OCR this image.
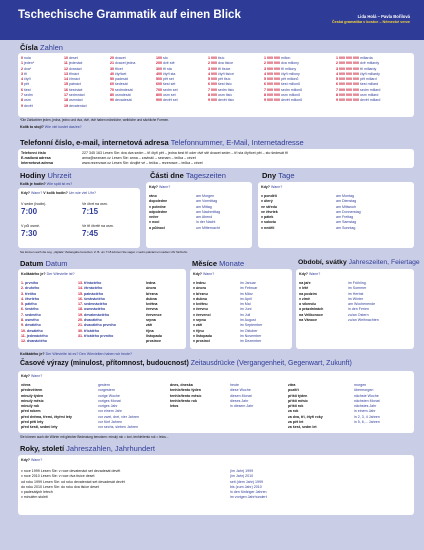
Tschechische Grammatik auf einen Blick	Lida Holá – Pavla Bořilová
Česká gramatika v kostce – Německé verze
Čísla Zahlen
0 nula
1 jeden*
2 dva*
3 tři
4 čtyři
5 pět
6 šest
7 sedm
8 osm
9 devět
10 deset
11 jedenáct
12 dvanáct
13 třináct
14 čtrnáct
15 patnáct
16 šestnáct
17 sedmnáct
18 osmnáct
19 devatenáct
20 dvacet
21 dvacet jedna
30 třicet
40 čtyřicet
50 padesát
60 šedesát
70 sedmdesát
80 osmdesát
90 devadesát
100 sto
200 dvě stě
300 tři sta
400 čtyři sta
500 pět set
600 šest set
700 sedm set
800 osm set
900 devět set
1 000 tisíc
2 000 dva tisíce
3 000 tři tisíce
4 000 čtyři tisíce
5 000 pět tisíc
6 000 šest tisíc
7 000 sedm tisíc
8 000 osm tisíc
9 000 devět tisíc
1 000 000 milion
2 000 000 dva miliony
3 000 000 tři miliony
4 000 000 čtyři miliony
5 000 000 pět milionů
6 000 000 šest milionů
7 000 000 sedm milionů
8 000 000 osm milionů
9 000 000 devět milionů
1 000 000 000 miliarda
2 000 000 000 dvě miliardy
3 000 000 000 tři miliardy
4 000 000 000 čtyři miliardy
5 000 000 000 pět miliard
6 000 000 000 šest miliard
7 000 000 000 sedm miliard
8 000 000 000 osm miliard
9 000 000 000 devět miliard
*Die Zahlwörter jeden, jedna, jedno und dva, dvě, dvě haben männliche, weibliche und sächliche Formen.
Kolik to stojí? Wie viel kostet das/es?
Telefonní číslo, e-mail, internetová adresa Telefonnummer, E-Mail, Internetadresse
Telefonní číslo
E-mailová adresa
Internetová adresa
227 345 163 Lesen Sie: dva dva sedm – tři čtyři pět – jedna šest tři oder dvě stě dvacet sedm – tři sta čtyřicet pět – sto šedesát tři
anna@seznam.cz Lesen Sie: anna – zavináč – seznam – tečka – cézet
www.rezervace.cz Lesen Sie: dvojité vé – tečka – rezervace – tečka – cézet
Hodiny Uhrzeit
Kolik je hodin? Wie spät ist es?
Kdy? Wann? V kolik hodin? Um wie viel Uhr?
V sedm (hodin).
7:00
Ve čtvrt na osm.
7:15
V půl osmé.
7:30
Ve tři čtvrtě na osm.
7:45
Sie können auch die sog. „digitale" Zeitangabe benutzen: Z. B. um 7:15 können Sie sagen v sedm patnáct um sieben Uhr fünfzehn.
Části dne Tageszeiten
Kdy? Wann?
ráno
dopoledne
v poledne
odpoledne
večer
v noci
o půlnoci
am Morgen
am Vormittag
am Mittag
am Nachmittag
am Abend
in der Nacht
um Mitternacht
Dny Tage
Kdy? Wann?
v pondělí
v úterý
ve středu
ve čtvrtek
v pátek
v sobotu
v neděli
am Montag
am Dienstag
am Mittwoch
am Donnerstag
am Freitag
am Samstag
am Sonntag
Datum Datum
Kolikátého je? Der Wievielte ist?
1. prvního
2. druhého
3. třetího
4. čtvrtého
5. pátého
6. šestého
7. sedmého
8. osmého
9. devátého
10. desátého
11. jedenáctého
12. dvanáctého
13. třináctého
14. čtrnáctého
15. patnáctého
16. šestnáctého
17. sedmnáctého
18. osmnáctého
19. devatenáctého
20. dvacátého
21. dvacátého prvního
30. třicátého
31. třicátého prvního
ledna
února
března
dubna
května
června
července
srpna
září
října
listopadu
prosince
Měsíce Monate
Kdy? Wann?
v lednu
v únoru
v březnu
v dubnu
v květnu
v červnu
v červenci
v srpnu
v září
v říjnu
v listopadu
v prosinci
im Januar
im Februar
im März
im April
im Mai
im Juni
im Juli
im August
im September
im Oktober
im November
im Dezember
Období, svátky Jahreszeiten, Feiertage
Kdy? Wann?
na jaře
v létě
na podzim
v zimě
o víkendu
o prázdninách
na Velikonoce
na Vánoce
im Frühling
im Sommer
im Herbst
im Winter
am Wochenende
in den Ferien
zu/an Ostern
zu/an Weihnachten
Kolikátého je? Der Wievielte ist es? Den Wievielten haben wir heute?
Časové výrazy (minulost, přítomnost, budoucnost) Zeitausdrücke (Vergangenheit, Gegenwart, Zukunft)
Kdy? Wann?
včera
předevčírem
minulý týden
minulý měsíc
minulý rok
před rokem
před dvěma, třemi, čtyřmi lety
před pěti lety
před šesti, sedmi lety
gestern
vorgestern
vorige Woche
voriges Monat
voriges Jahr
vor einem Jahr
vor zwei, drei, vier Jahren
vor fünf Jahren
vor sechs, sieben Jahren
dnes, dneska
tenhle/tento týden
tenhle/tento měsíc
tenhle/tento rok
letos
heute
diese Woche
diesen Monat
dieses Jahr
in diesem Jahr
zítra
pozítří
příští týden
příští měsíc
příští rok
za rok
za dva, tři, čtyři roky
za pět let
za šest, sedm let
morgen
übermorgen
nächste Woche
nächsten Monat
nächstes Jahr
in einem Jahr
in 2, 3, 4 Jahren
in 5, 6,... Jahren
Sie können auch die Wörter mit gleicher Bedeutung benutzen: minulý rok = loni, tenhle/tento rok = letos...
Roky, století Jahreszahlen, Jahrhundert
Kdy? Wann?
v roce 1999 Lesen Sie: v roce devatenáct set devadesát devět
v roce 2010 Lesen Sie: v roce dva tisíce deset
od roku 1999 Lesen Sie: od roku devatenáct set devadesát devět
do roku 2010 Lesen Sie: do roku dva tisíce deset
v padesátých letech
v minulém století
(im Jahr) 1999
(im Jahr) 2010
seit (dem Jahr) 1999
bis (zum Jahr) 2010
in den fünfziger Jahren
im vorigen Jahrhundert
